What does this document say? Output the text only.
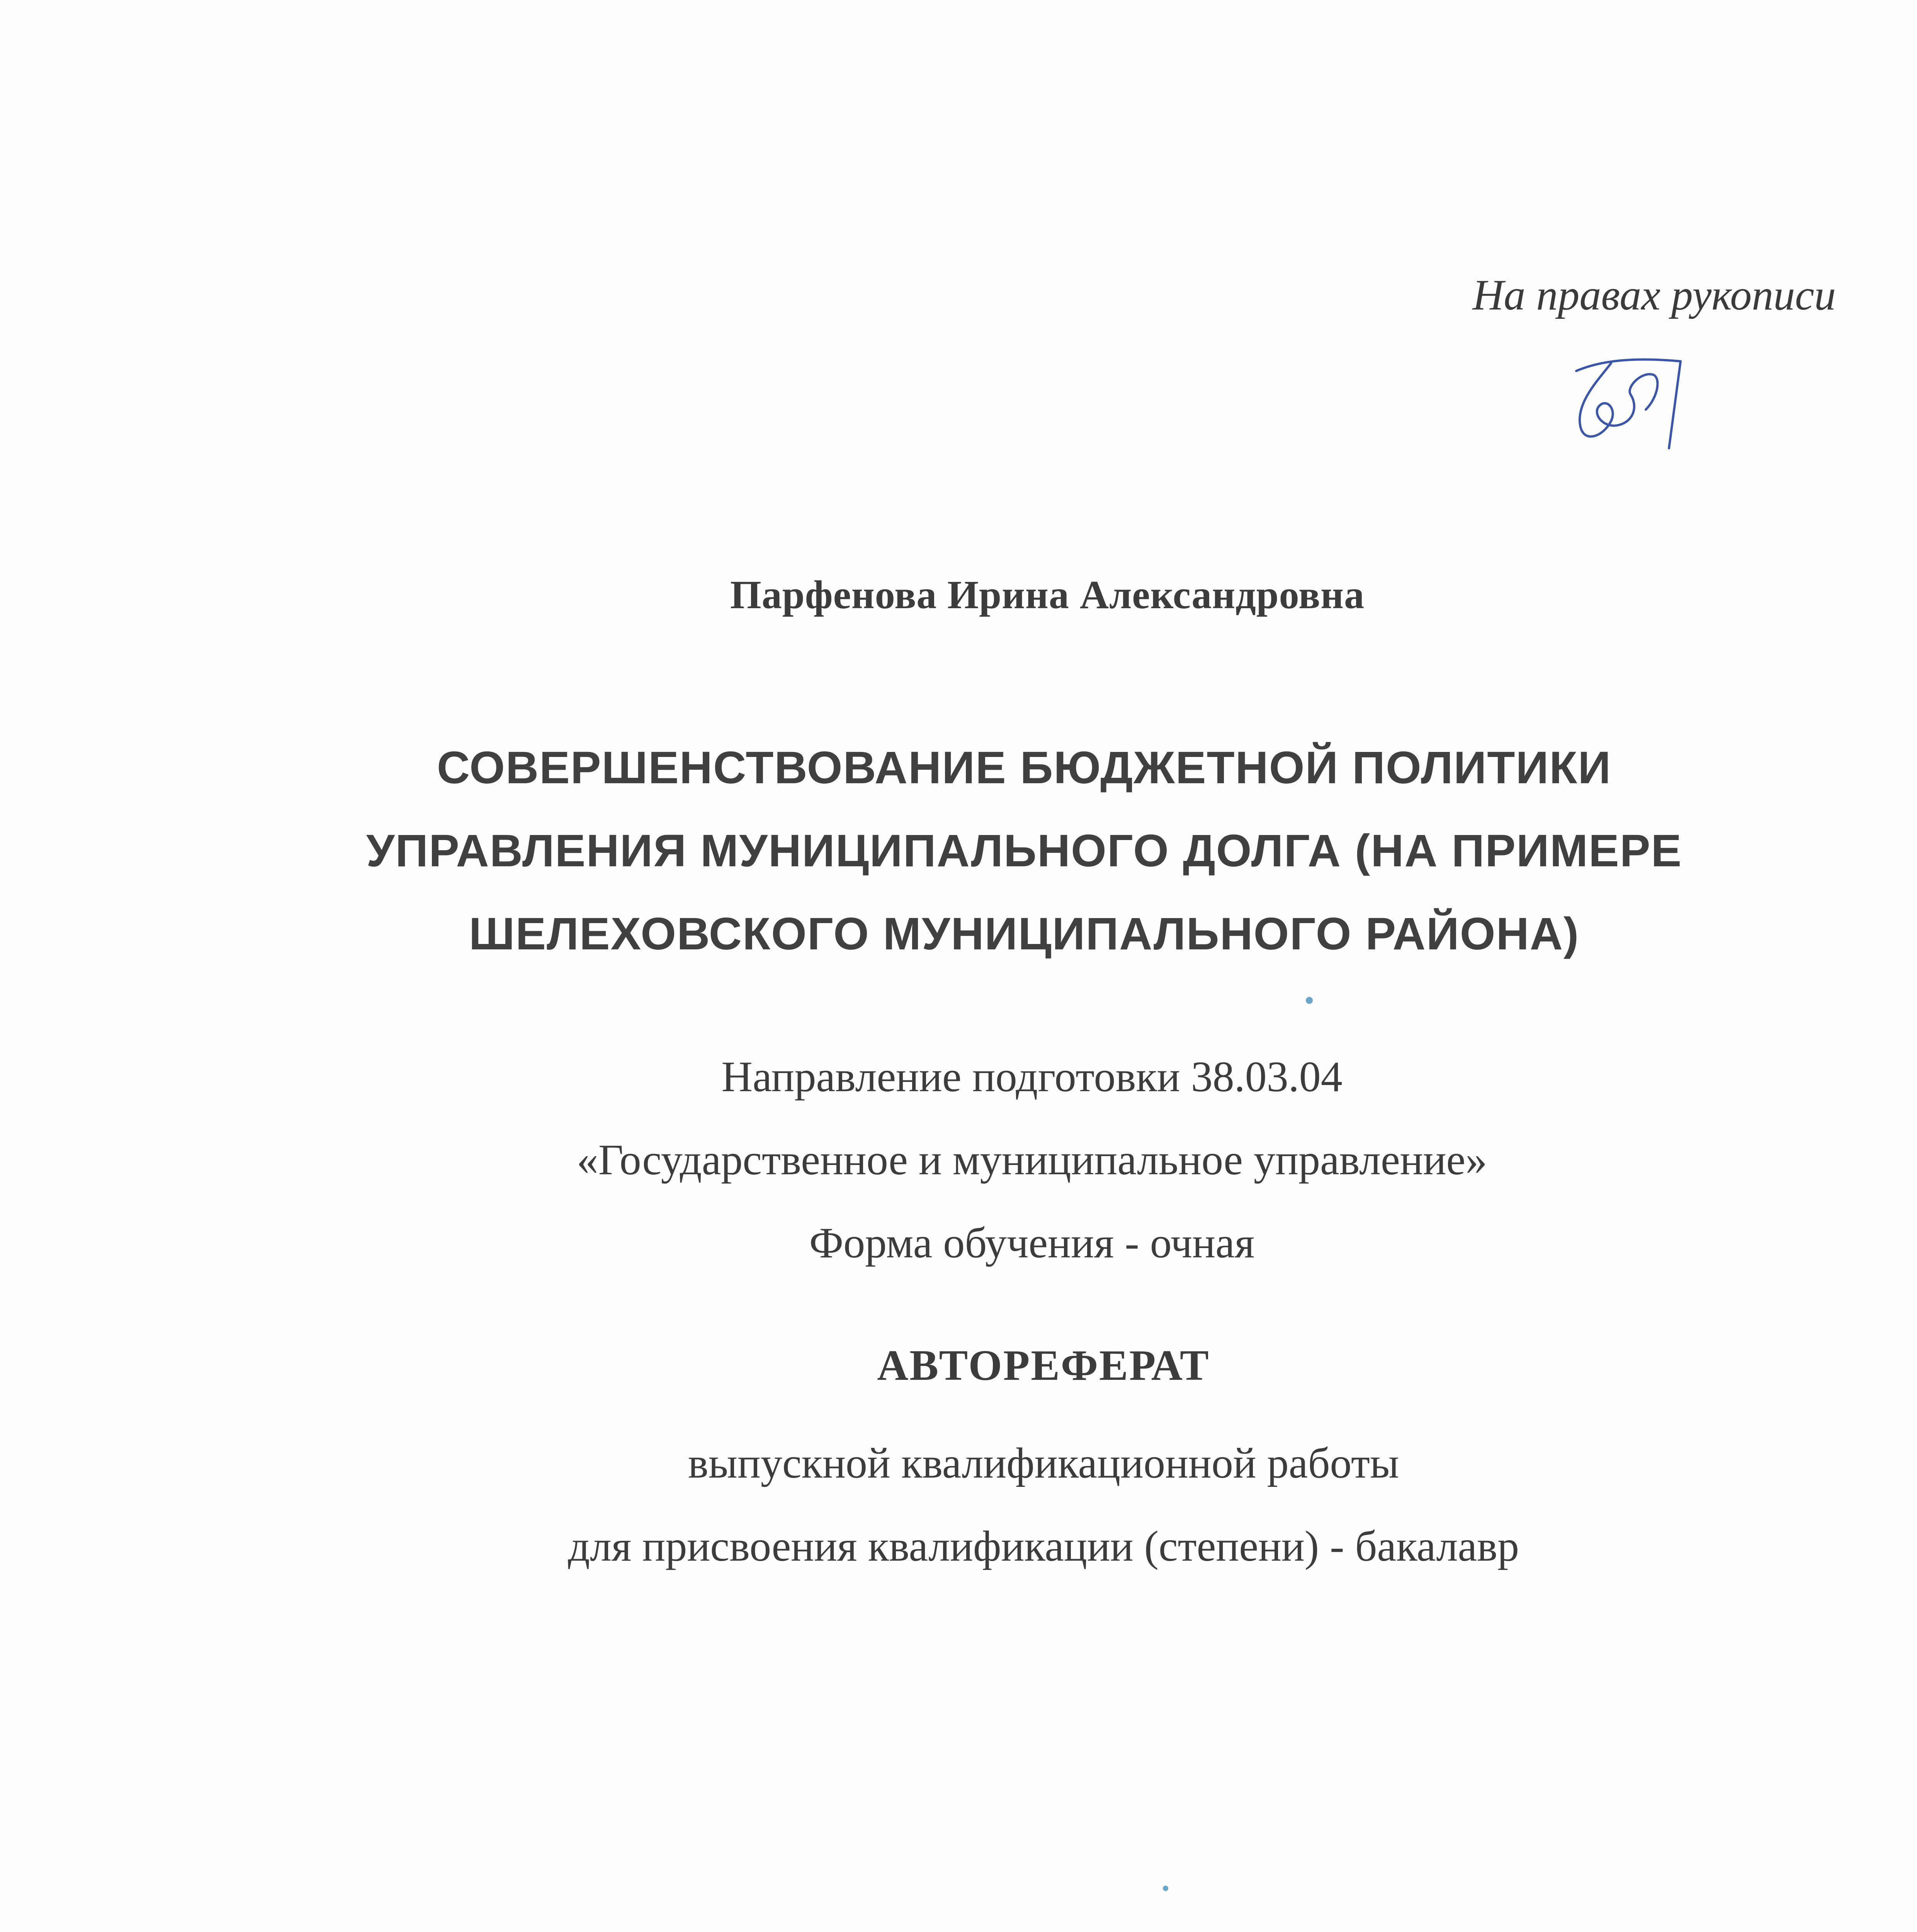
На правах рукописи
Парфенова Ирина Александровна
СОВЕРШЕНСТВОВАНИЕ БЮДЖЕТНОЙ ПОЛИТИКИ
УПРАВЛЕНИЯ МУНИЦИПАЛЬНОГО ДОЛГА (НА ПРИМЕРЕ
ШЕЛЕХОВСКОГО МУНИЦИПАЛЬНОГО РАЙОНА)
Направление подготовки 38.03.04
«Государственное и муниципальное управление»
Форма обучения - очная
АВТОРЕФЕРАТ
выпускной квалификационной работы
для присвоения квалификации (степени) - бакалавр
